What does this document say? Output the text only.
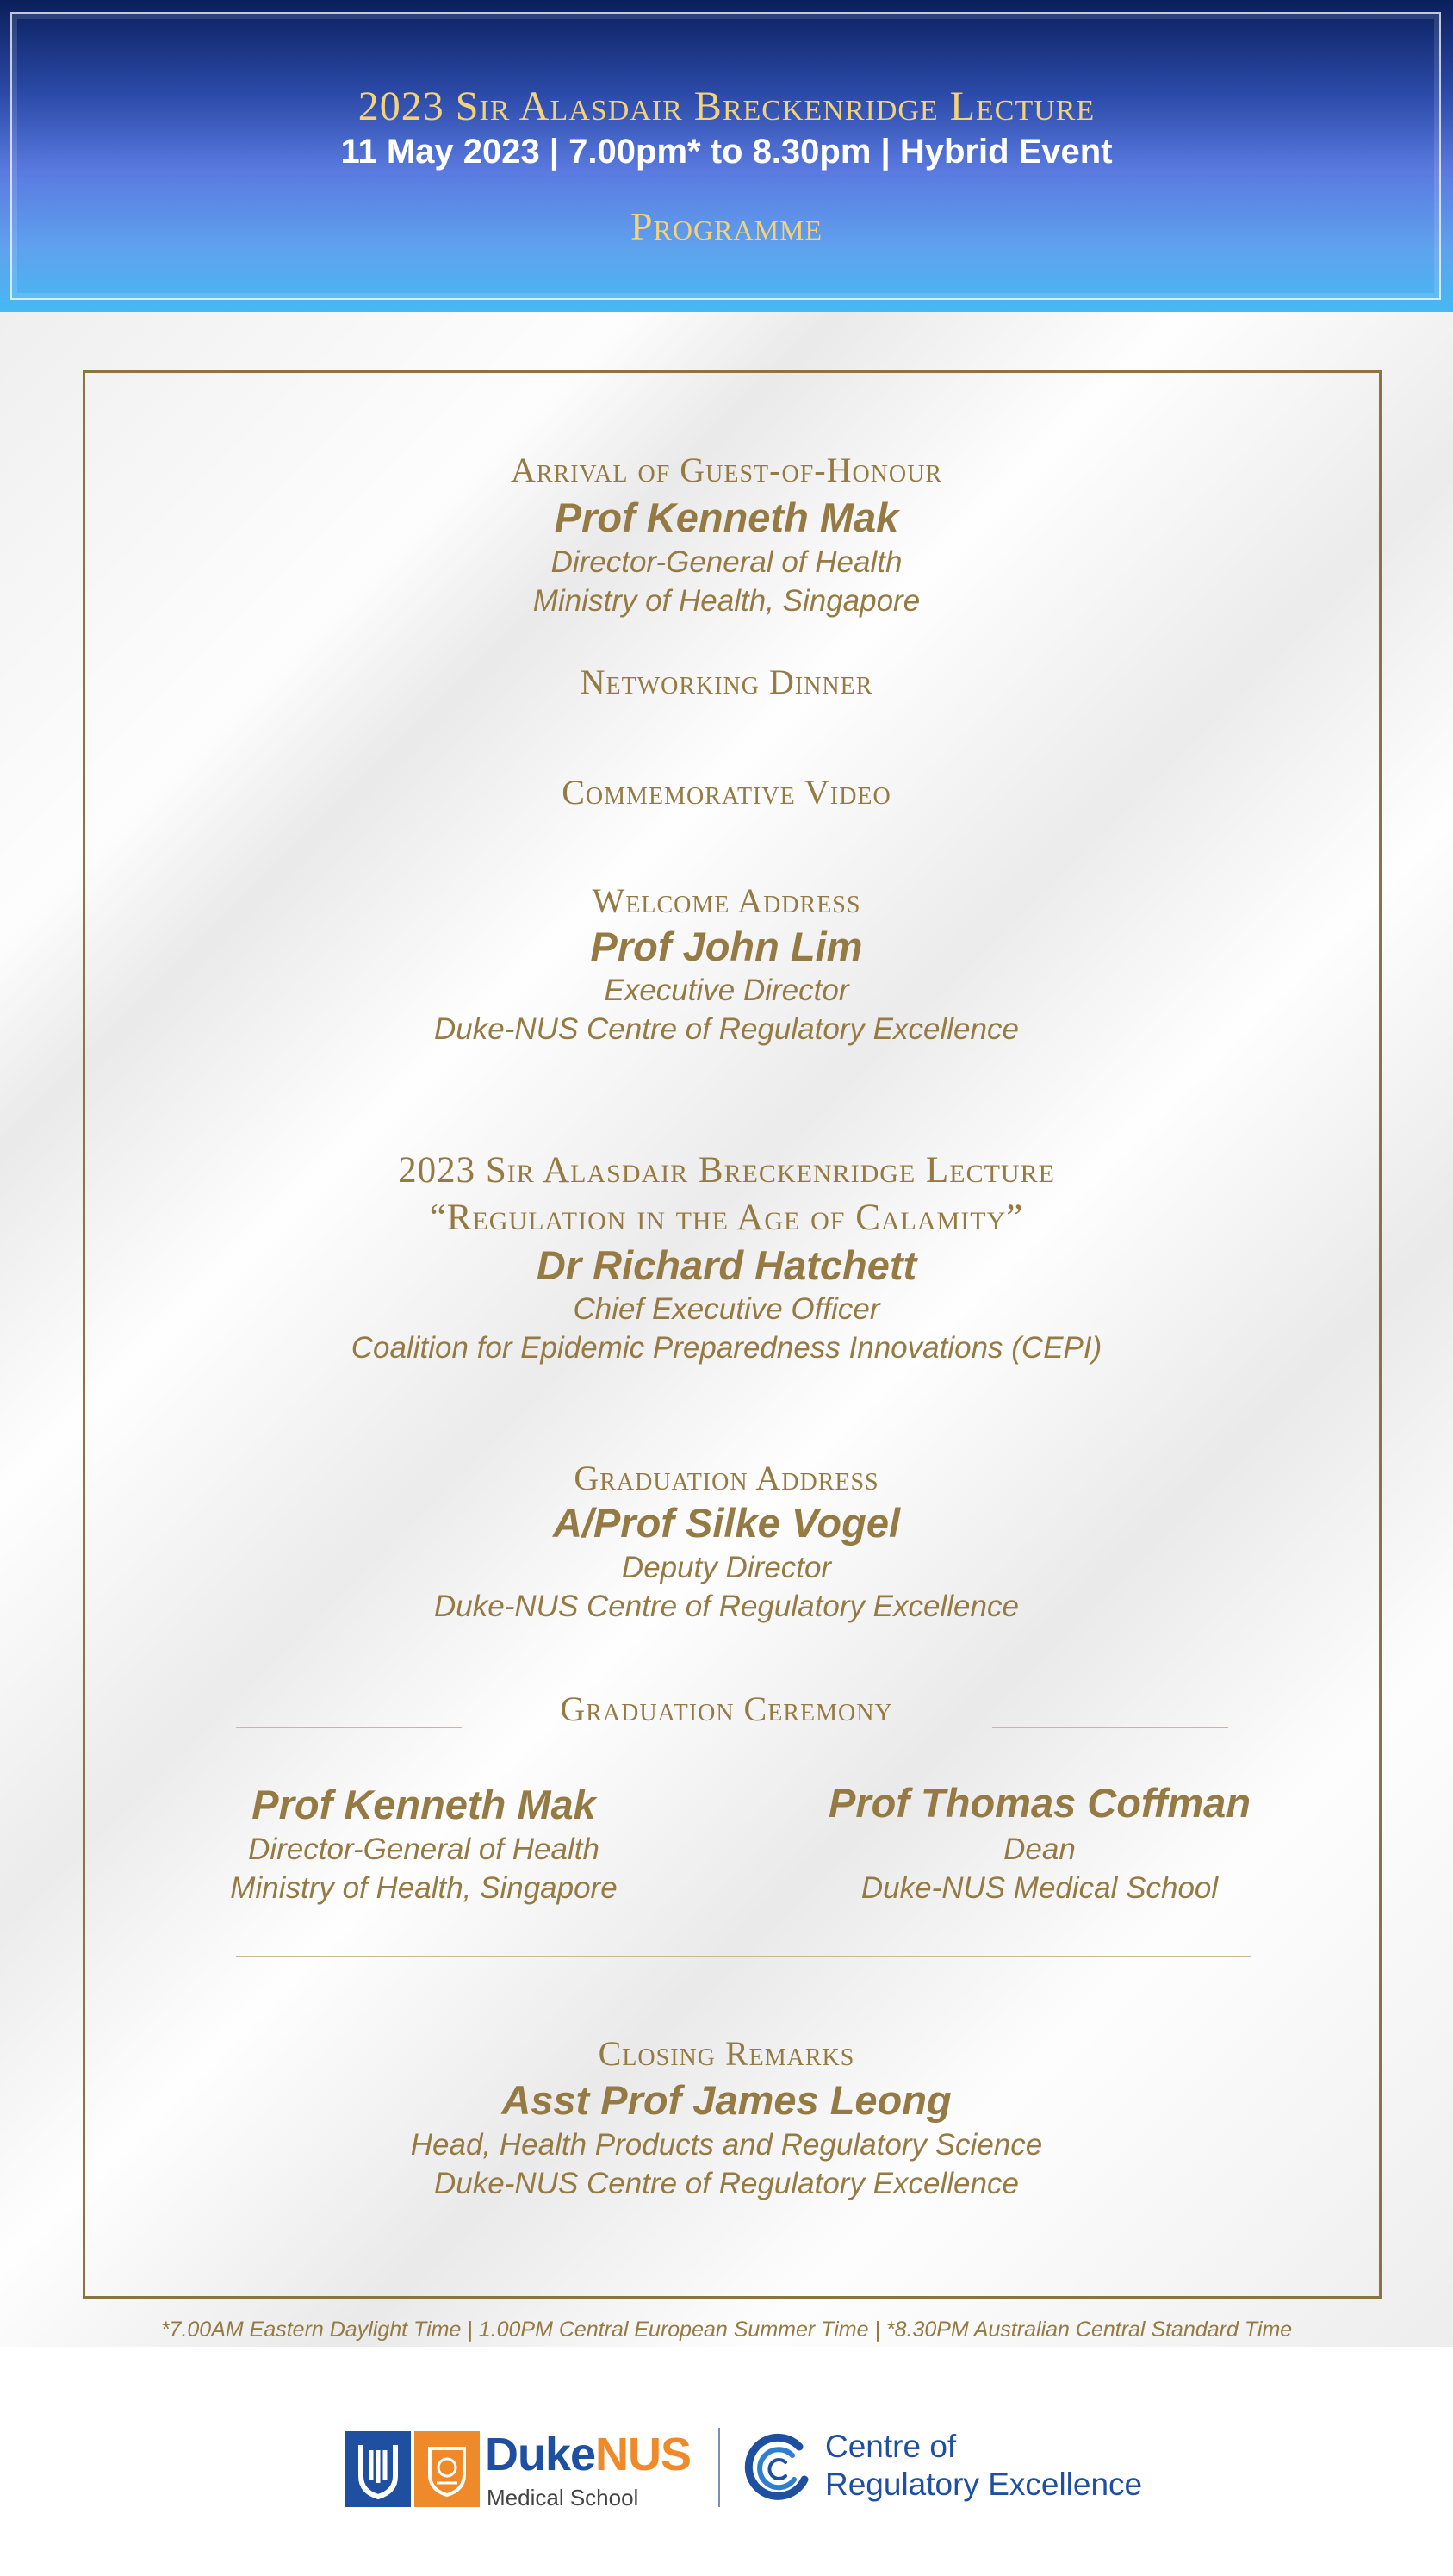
2023 Sir Alasdair Breckenridge Lecture
11 May 2023 | 7.00pm* to 8.30pm | Hybrid Event
Programme
Arrival of Guest-of-Honour
Prof Kenneth Mak
Director-General of Health
Ministry of Health, Singapore
Networking Dinner
Commemorative Video
Welcome Address
Prof John Lim
Executive Director
Duke-NUS Centre of Regulatory Excellence
2023 Sir Alasdair Breckenridge Lecture
“Regulation in the Age of Calamity”
Dr Richard Hatchett
Chief Executive Officer
Coalition for Epidemic Preparedness Innovations (CEPI)
Graduation Address
A/Prof Silke Vogel
Deputy Director
Duke-NUS Centre of Regulatory Excellence
Graduation Ceremony
Prof Kenneth Mak
Director-General of Health
Ministry of Health, Singapore
Prof Thomas Coffman
Dean
Duke-NUS Medical School
Closing Remarks
Asst Prof James Leong
Head, Health Products and Regulatory Science
Duke-NUS Centre of Regulatory Excellence
*7.00AM Eastern Daylight Time | 1.00PM Central European Summer Time | *8.30PM Australian Central Standard Time
DukeNUS
Medical School
Centre of
Regulatory Excellence
